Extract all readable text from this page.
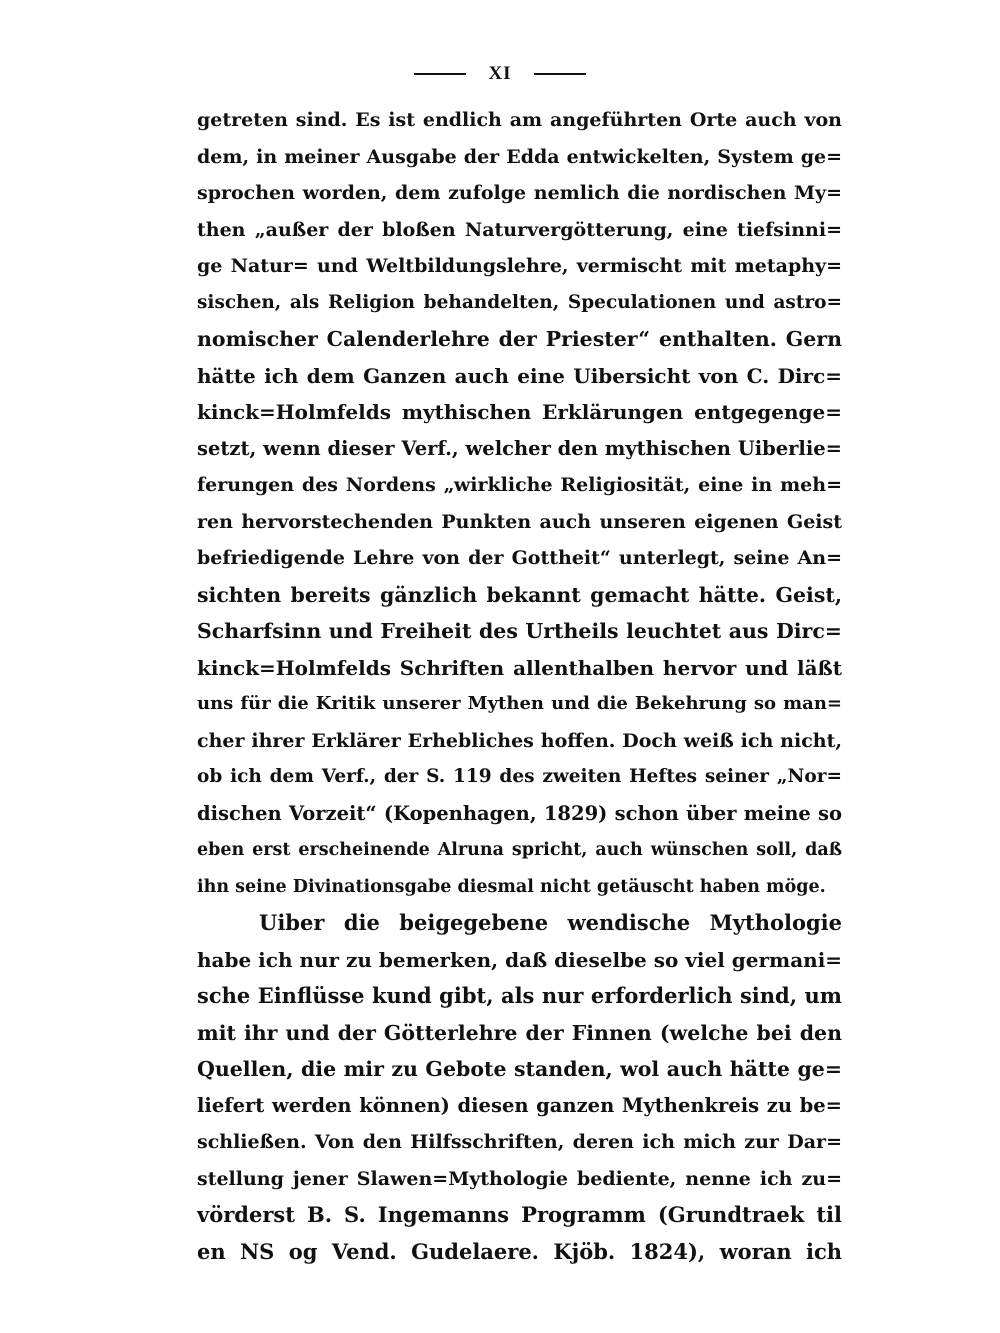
XI
getreten sind. Es ist endlich am angeführten Orte auch von
dem, in meiner Ausgabe der Edda entwickelten, System ge=
sprochen worden, dem zufolge nemlich die nordischen My=
then „außer der bloßen Naturvergötterung, eine tiefsinni=
ge Natur= und Weltbildungslehre, vermischt mit metaphy=
sischen, als Religion behandelten, Speculationen und astro=
nomischer Calenderlehre der Priester“ enthalten. Gern
hätte ich dem Ganzen auch eine Uibersicht von C. Dirc=
kinck=Holmfelds mythischen Erklärungen entgegenge=
setzt, wenn dieser Verf., welcher den mythischen Uiberlie=
ferungen des Nordens „wirkliche Religiosität, eine in meh=
ren hervorstechenden Punkten auch unseren eigenen Geist
befriedigende Lehre von der Gottheit“ unterlegt, seine An=
sichten bereits gänzlich bekannt gemacht hätte. Geist,
Scharfsinn und Freiheit des Urtheils leuchtet aus Dirc=
kinck=Holmfelds Schriften allenthalben hervor und läßt
uns für die Kritik unserer Mythen und die Bekehrung so man=
cher ihrer Erklärer Erhebliches hoffen. Doch weiß ich nicht,
ob ich dem Verf., der S. 119 des zweiten Heftes seiner „Nor=
dischen Vorzeit“ (Kopenhagen, 1829) schon über meine so
eben erst erscheinende Alruna spricht, auch wünschen soll, daß
ihn seine Divinationsgabe diesmal nicht getäuscht haben möge.
Uiber die beigegebene wendische Mythologie
habe ich nur zu bemerken, daß dieselbe so viel germani=
sche Einflüsse kund gibt, als nur erforderlich sind, um
mit ihr und der Götterlehre der Finnen (welche bei den
Quellen, die mir zu Gebote standen, wol auch hätte ge=
liefert werden können) diesen ganzen Mythenkreis zu be=
schließen. Von den Hilfsschriften, deren ich mich zur Dar=
stellung jener Slawen=Mythologie bediente, nenne ich zu=
vörderst B. S. Ingemanns Programm (Grundtraek til
en NS og Vend. Gudelaere. Kjöb. 1824), woran ich
